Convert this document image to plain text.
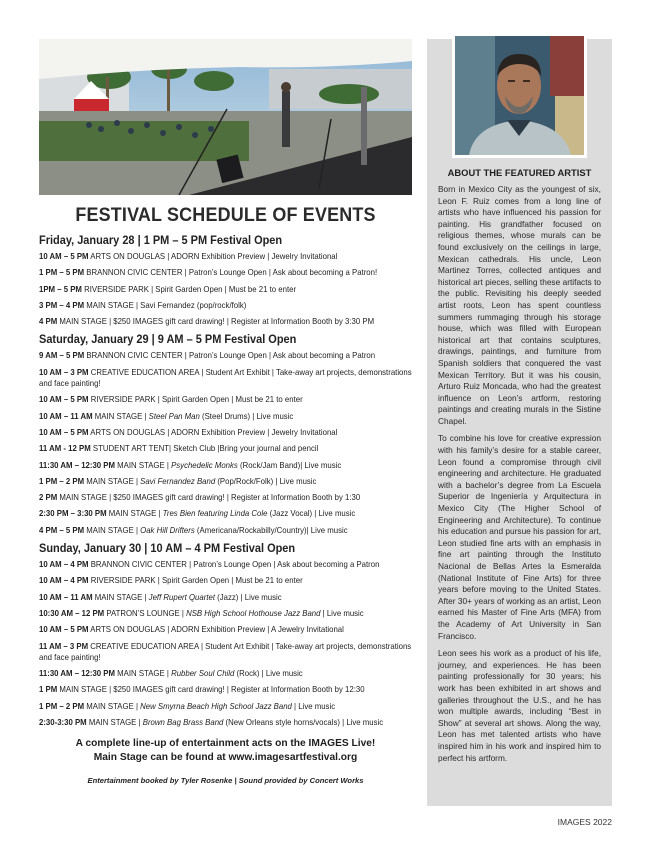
FESTIVAL SCHEDULE OF EVENTS
Friday, January 28 | 1 PM – 5 PM Festival Open
10 AM – 5 PM ARTS ON DOUGLAS | ADORN Exhibition Preview | Jewelry Invitational
1 PM – 5 PM BRANNON CIVIC CENTER | Patron’s Lounge Open | Ask about becoming a Patron!
1PM – 5 PM RIVERSIDE PARK | Spirit Garden Open | Must be 21 to enter
3 PM – 4 PM MAIN STAGE | Savi Fernandez (pop/rock/folk)
4 PM MAIN STAGE | $250 IMAGES gift card drawing! | Register at Information Booth by 3:30 PM
Saturday, January 29 | 9 AM – 5 PM Festival Open
9 AM – 5 PM BRANNON CIVIC CENTER | Patron’s Lounge Open | Ask about becoming a Patron
10 AM – 3 PM CREATIVE EDUCATION AREA | Student Art Exhibit | Take-away art projects, demonstrations and face painting!
10 AM – 5 PM RIVERSIDE PARK | Spirit Garden Open | Must be 21 to enter
10 AM – 11 AM MAIN STAGE | Steel Pan Man (Steel Drums) | Live music
10 AM – 5 PM ARTS ON DOUGLAS | ADORN Exhibition Preview | Jewelry Invitational
11 AM - 12 PM STUDENT ART TENT| Sketch Club |Bring your journal and pencil
11:30 AM – 12:30 PM MAIN STAGE | Psychedelic Monks (Rock/Jam Band)| Live music
1 PM – 2 PM MAIN STAGE | Savi Fernandez Band (Pop/Rock/Folk) | Live music
2 PM MAIN STAGE | $250 IMAGES gift card drawing! | Register at Information Booth by 1:30
2:30 PM – 3:30 PM MAIN STAGE | Tres Bien featuring Linda Cole (Jazz Vocal) | Live music
4 PM – 5 PM MAIN STAGE | Oak Hill Drifters (Americana/Rockabilly/Country)| Live music
Sunday, January 30 | 10 AM – 4 PM Festival Open
10 AM – 4 PM BRANNON CIVIC CENTER | Patron’s Lounge Open | Ask about becoming a Patron
10 AM – 4 PM RIVERSIDE PARK | Spirit Garden Open | Must be 21 to enter
10 AM – 11 AM MAIN STAGE | Jeff Rupert Quartet (Jazz) | Live music
10:30 AM – 12 PM PATRON’S LOUNGE | NSB High School Hothouse Jazz Band | Live music
10 AM – 5 PM ARTS ON DOUGLAS | ADORN Exhibition Preview | A Jewelry Invitational
11 AM – 3 PM CREATIVE EDUCATION AREA | Student Art Exhibit | Take-away art projects, demonstrations and face painting!
11:30 AM – 12:30 PM MAIN STAGE | Rubber Soul Child (Rock) | Live music
1 PM MAIN STAGE | $250 IMAGES gift card drawing! | Register at Information Booth by 12:30
1 PM – 2 PM MAIN STAGE | New Smyrna Beach High School Jazz Band | Live music
2:30-3:30 PM MAIN STAGE | Brown Bag Brass Band (New Orleans style horns/vocals) | Live music
A complete line-up of entertainment acts on the IMAGES Live!
Main Stage can be found at www.imagesartfestival.org
Entertainment booked by Tyler Rosenke | Sound provided by Concert Works
ABOUT THE FEATURED ARTIST

Born in Mexico City as the youngest of six, Leon F. Ruiz comes from a long line of artists who have influenced his passion for painting. His grandfather focused on religious themes, whose murals can be found exclusively on the ceilings in large, Mexican cathedrals. His uncle, Leon Martinez Torres, collected antiques and historical art pieces, selling these artifacts to the public. Revisiting his deeply seeded artist roots, Leon has spent countless summers rummaging through his storage house, which was filled with European historical art that contains sculptures, drawings, paintings, and furniture from Spanish soldiers that conquered the vast Mexican Territory. But it was his cousin, Arturo Ruiz Moncada, who had the greatest influence on Leon’s artform, restoring paintings and creating murals in the Sistine Chapel.

To combine his love for creative expression with his family’s desire for a stable career, Leon found a compromise through civil engineering and architecture. He graduated with a bachelor’s degree from La Escuela Superior de Ingeniería y Arquitectura in Mexico City (The Higher School of Engineering and Architecture). To continue his education and pursue his passion for art, Leon studied fine arts with an emphasis in fine art painting through the Instituto Nacional de Bellas Artes la Esmeralda (National Institute of Fine Arts) for three years before moving to the United States. After 30+ years of working as an artist, Leon earned his Master of Fine Arts (MFA) from the Academy of Art University in San Francisco.

Leon sees his work as a product of his life, journey, and experiences. He has been painting professionally for 30 years; his work has been exhibited in art shows and galleries throughout the U.S., and he has won multiple awards, including “Best in Show” at several art shows. Along the way, Leon has met talented artists who have inspired him in his work and inspired him to perfect his artform.

IMAGES 2022
